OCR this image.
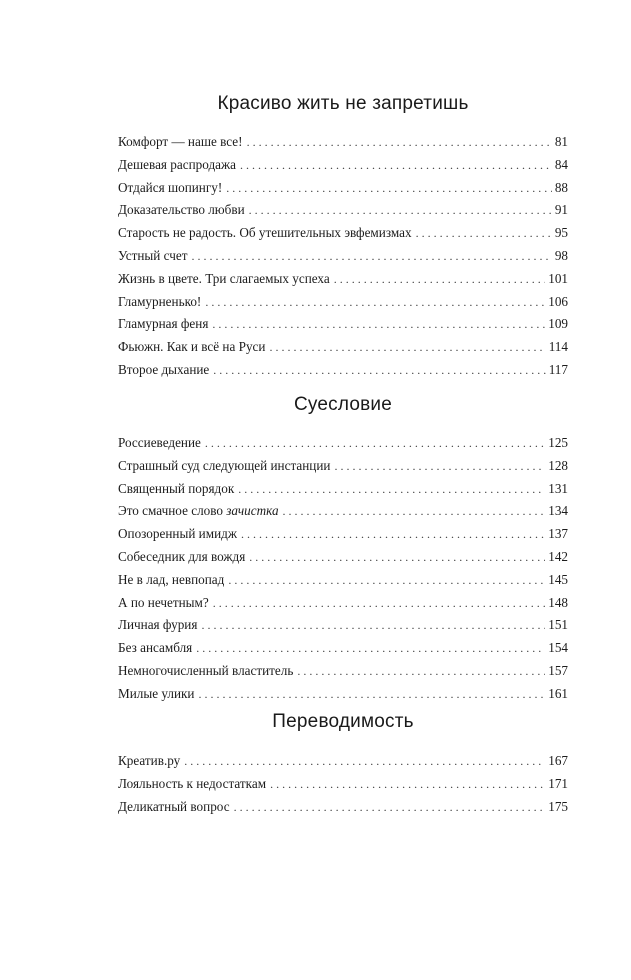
Красиво жить не запретишь
Комфорт — наше все! . . .	81
Дешевая распродажа . . .	84
Отдайся шопингу! . . .	88
Доказательство любви . . .	91
Старость не радость. Об утешительных эвфемизмах . . .	95
Устный счет . . .	98
Жизнь в цвете. Три слагаемых успеха . . .	101
Гламурненько! . . .	106
Гламурная феня . . .	109
Фьюжн. Как и всё на Руси . . .	114
Второе дыхание . . .	117
Суесловие
Россиеведение . . .	125
Страшный суд следующей инстанции . . .	128
Священный порядок . . .	131
Это смачное слово зачистка . . .	134
Опозоренный имидж . . .	137
Собеседник для вождя . . .	142
Не в лад, невпопад . . .	145
А по нечетным? . . .	148
Личная фурия . . .	151
Без ансамбля . . .	154
Немногочисленный властитель . . .	157
Милые улики . . .	161
Переводимость
Креатив.ру . . .	167
Лояльность к недостаткам . . .	171
Деликатный вопрос . . .	175
